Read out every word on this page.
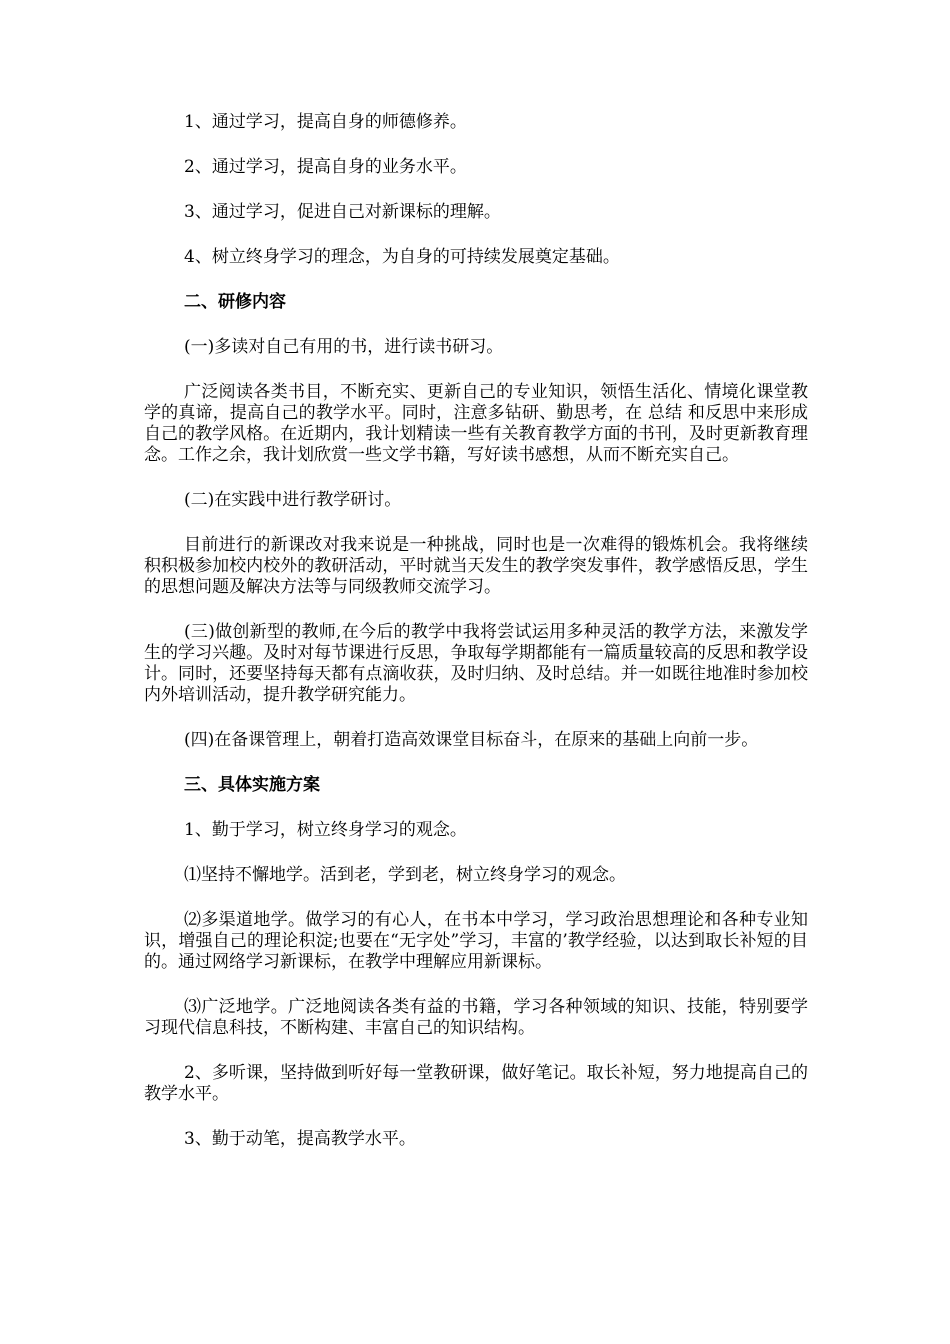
1、通过学习，提高自身的师德修养。

2、通过学习，提高自身的业务水平。

3、通过学习，促进自己对新课标的理解。

4、树立终身学习的理念，为自身的可持续发展奠定基础。

二、研修内容

(一)多读对自己有用的书，进行读书研习。

广泛阅读各类书目，不断充实、更新自己的专业知识，领悟生活化、情境化课堂教学的真谛，提高自己的教学水平。同时，注意多钻研、勤思考，在 总结 和反思中来形成自己的教学风格。在近期内，我计划精读一些有关教育教学方面的书刊，及时更新教育理念。工作之余，我计划欣赏一些文学书籍，写好读书感想，从而不断充实自己。

(二)在实践中进行教学研讨。

目前进行的新课改对我来说是一种挑战，同时也是一次难得的锻炼机会。我将继续积积极参加校内校外的教研活动，平时就当天发生的教学突发事件，教学感悟反思，学生的思想问题及解决方法等与同级教师交流学习。

(三)做创新型的教师,在今后的教学中我将尝试运用多种灵活的教学方法，来激发学生的学习兴趣。及时对每节课进行反思，争取每学期都能有一篇质量较高的反思和教学设计。同时，还要坚持每天都有点滴收获，及时归纳、及时总结。并一如既往地准时参加校内外培训活动，提升教学研究能力。

(四)在备课管理上，朝着打造高效课堂目标奋斗，在原来的基础上向前一步。

三、具体实施方案

1、勤于学习，树立终身学习的观念。

⑴坚持不懈地学。活到老，学到老，树立终身学习的观念。

⑵多渠道地学。做学习的有心人，在书本中学习，学习政治思想理论和各种专业知识，增强自己的理论积淀;也要在“无字处”学习，丰富的’教学经验，以达到取长补短的目的。通过网络学习新课标，在教学中理解应用新课标。

⑶广泛地学。广泛地阅读各类有益的书籍，学习各种领域的知识、技能，特别要学习现代信息科技，不断构建、丰富自己的知识结构。

2、多听课，坚持做到听好每一堂教研课，做好笔记。取长补短，努力地提高自己的教学水平。

3、勤于动笔，提高教学水平。
